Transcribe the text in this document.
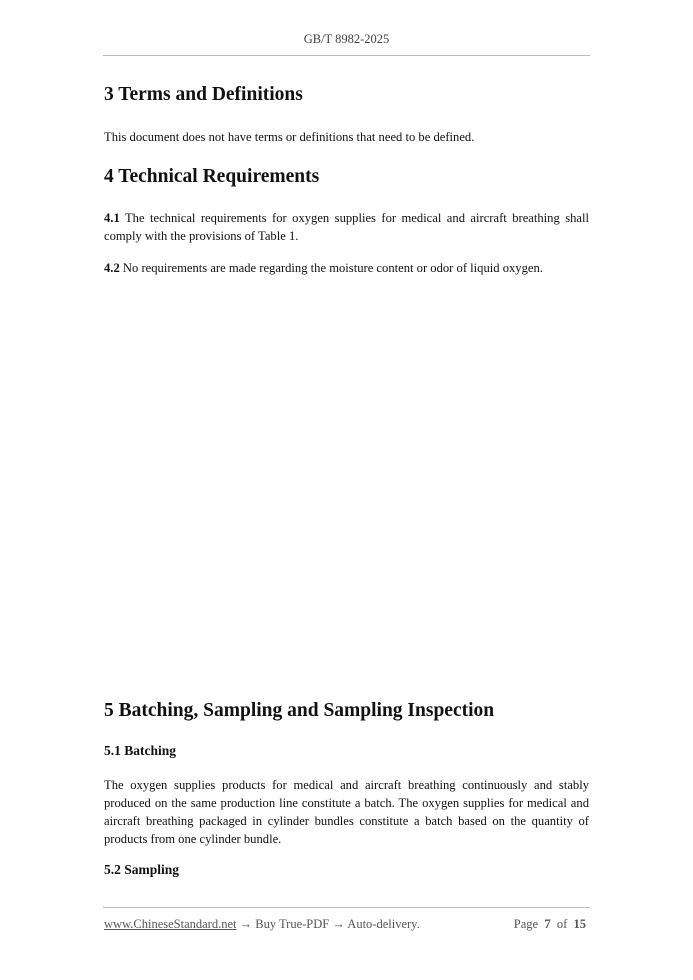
GB/T 8982-2025
3 Terms and Definitions
This document does not have terms or definitions that need to be defined.
4 Technical Requirements
4.1 The technical requirements for oxygen supplies for medical and aircraft breathing shall comply with the provisions of Table 1.
4.2 No requirements are made regarding the moisture content or odor of liquid oxygen.
5 Batching, Sampling and Sampling Inspection
5.1 Batching
The oxygen supplies products for medical and aircraft breathing continuously and stably produced on the same production line constitute a batch. The oxygen supplies for medical and aircraft breathing packaged in cylinder bundles constitute a batch based on the quantity of products from one cylinder bundle.
5.2 Sampling
www.ChineseStandard.net → Buy True-PDF → Auto-delivery.	Page 7 of 15
